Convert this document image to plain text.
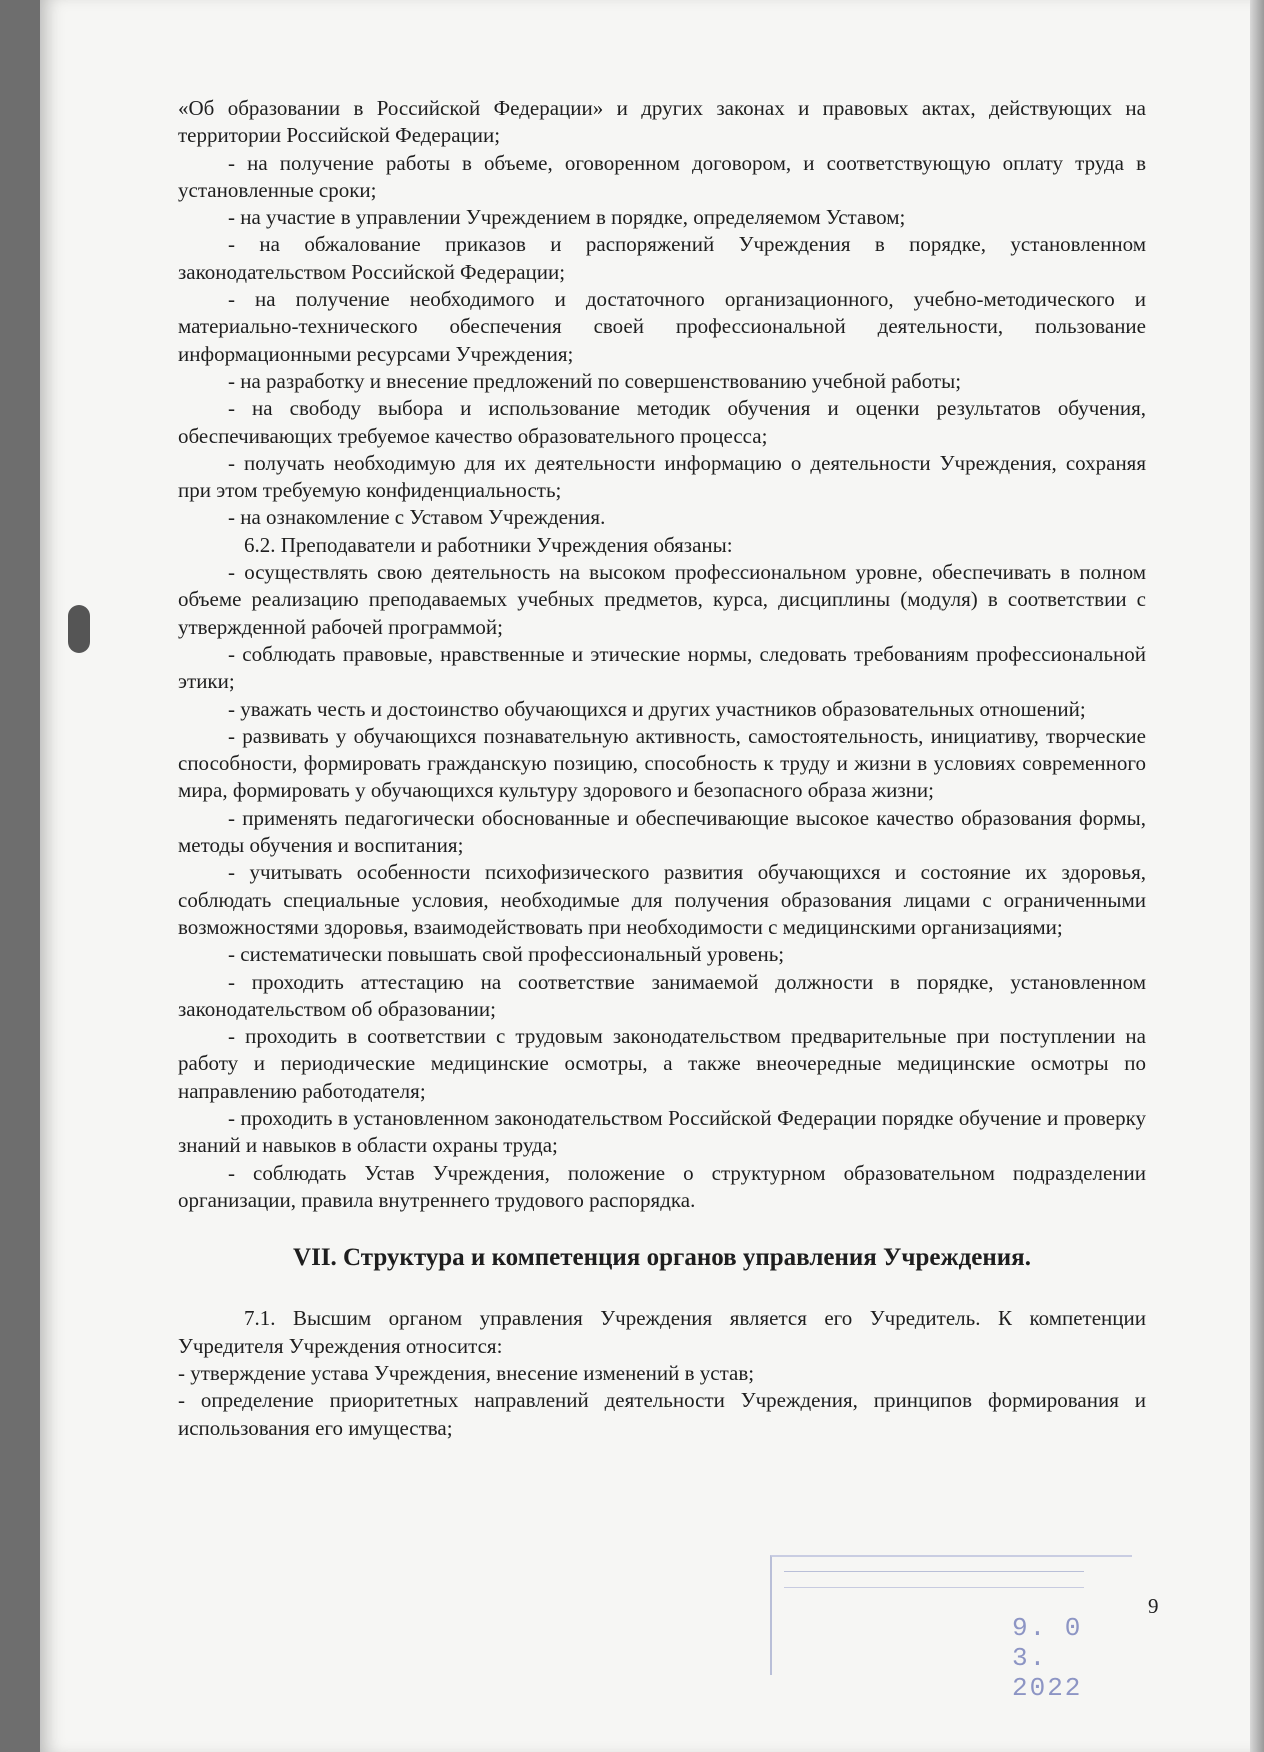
«Об образовании в Российской Федерации» и других законах и правовых актах, действующих на территории Российской Федерации;

- на получение работы в объеме, оговоренном договором, и соответствующую оплату труда в установленные сроки;

- на участие в управлении Учреждением в порядке, определяемом Уставом;

- на обжалование приказов и распоряжений Учреждения в порядке, установленном законодательством Российской Федерации;

- на получение необходимого и достаточного организационного, учебно-методического и материально-технического обеспечения своей профессиональной деятельности, пользование информационными ресурсами Учреждения;

- на разработку и внесение предложений по совершенствованию учебной работы;

- на свободу выбора и использование методик обучения и оценки результатов обучения, обеспечивающих требуемое качество образовательного процесса;

- получать необходимую для их деятельности информацию о деятельности Учреждения, сохраняя при этом требуемую конфиденциальность;

- на ознакомление с Уставом Учреждения.

6.2. Преподаватели и работники Учреждения обязаны:

- осуществлять свою деятельность на высоком профессиональном уровне, обеспечивать в полном объеме реализацию преподаваемых учебных предметов, курса, дисциплины (модуля) в соответствии с утвержденной рабочей программой;

- соблюдать правовые, нравственные и этические нормы, следовать требованиям профессиональной этики;

- уважать честь и достоинство обучающихся и других участников образовательных отношений;

- развивать у обучающихся познавательную активность, самостоятельность, инициативу, творческие способности, формировать гражданскую позицию, способность к труду и жизни в условиях современного мира, формировать у обучающихся культуру здорового и безопасного образа жизни;

- применять педагогически обоснованные и обеспечивающие высокое качество образования формы, методы обучения и воспитания;

- учитывать особенности психофизического развития обучающихся и состояние их здоровья, соблюдать специальные условия, необходимые для получения образования лицами с ограниченными возможностями здоровья, взаимодействовать при необходимости с медицинскими организациями;

- систематически повышать свой профессиональный уровень;

- проходить аттестацию на соответствие занимаемой должности в порядке, установленном законодательством об образовании;

- проходить в соответствии с трудовым законодательством предварительные при поступлении на работу и периодические медицинские осмотры, а также внеочередные медицинские осмотры по направлению работодателя;

- проходить в установленном законодательством Российской Федерации порядке обучение и проверку знаний и навыков в области охраны труда;

- соблюдать Устав Учреждения, положение о структурном образовательном подразделении организации, правила внутреннего трудового распорядка.

VII. Структура и компетенция органов управления Учреждения.

7.1. Высшим органом управления Учреждения является его Учредитель. К компетенции Учредителя Учреждения относится:

- утверждение устава Учреждения, внесение изменений в устав;

- определение приоритетных направлений деятельности Учреждения, принципов формирования и использования его имущества;

9
9. 0 3. 2022
